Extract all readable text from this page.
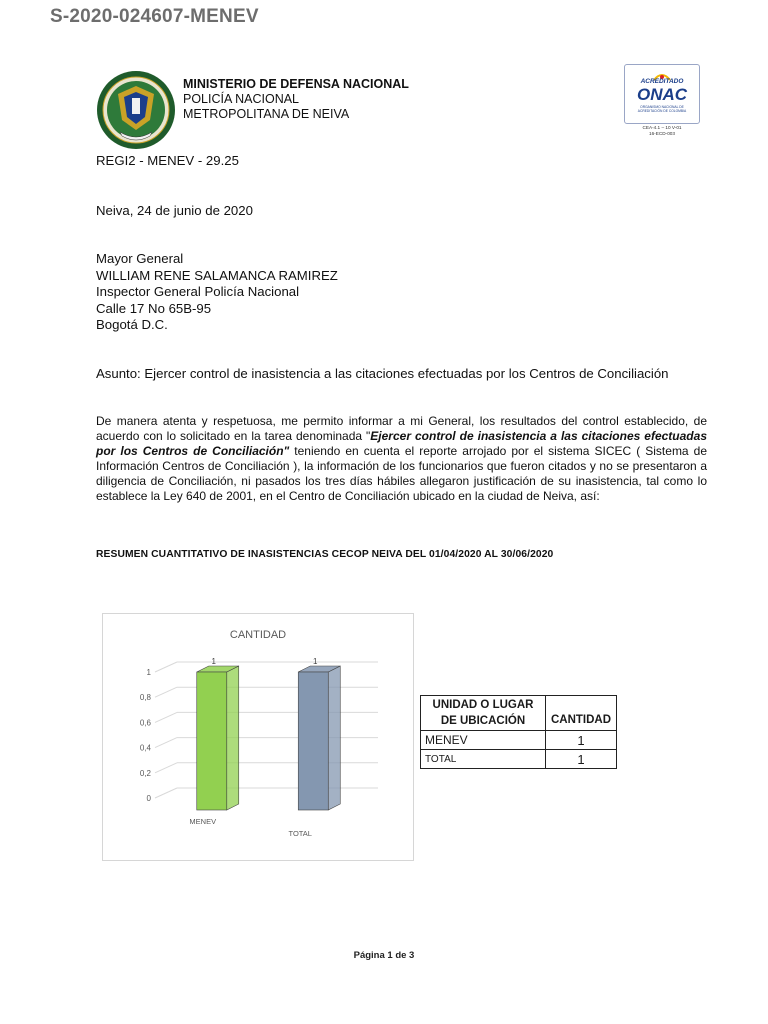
S-2020-024607-MENEV
MINISTERIO DE DEFENSA NACIONAL
POLICÍA NACIONAL
METROPOLITANA DE NEIVA
ACREDITADO
ONAC
ORGANISMO NACIONAL DE
ACREDITACIÓN DE COLOMBIA
CEA-4.1 – 10 V-01
16-ECD-003
REGI2 - MENEV - 29.25
Neiva, 24 de junio de 2020
Mayor General
WILLIAM RENE SALAMANCA RAMIREZ
Inspector General Policía Nacional
Calle 17 No 65B-95
Bogotá D.C.
Asunto: Ejercer control de inasistencia a las citaciones efectuadas por los Centros de Conciliación
De manera atenta y respetuosa, me permito informar a mi General, los resultados del control establecido, de acuerdo con lo solicitado en la tarea denominada "Ejercer control de inasistencia a las citaciones efectuadas por los Centros de Conciliación" teniendo en cuenta el reporte arrojado por el sistema SICEC ( Sistema de Información Centros de Conciliación ), la información de los funcionarios que fueron citados y no se presentaron a diligencia de Conciliación, ni pasados los tres días hábiles allegaron justificación de su inasistencia, tal como lo establece la Ley 640 de 2001, en el Centro de Conciliación ubicado en la ciudad de Neiva, así:
RESUMEN CUANTITATIVO DE INASISTENCIAS CECOP NEIVA DEL 01/04/2020 AL 30/06/2020
CANTIDAD
0
0,2
0,4
0,6
0,8
1
1
MENEV
1
TOTAL
UNIDAD O LUGAR DE UBICACIÓN	CANTIDAD
MENEV	1
TOTAL	1
Página 1 de 3
